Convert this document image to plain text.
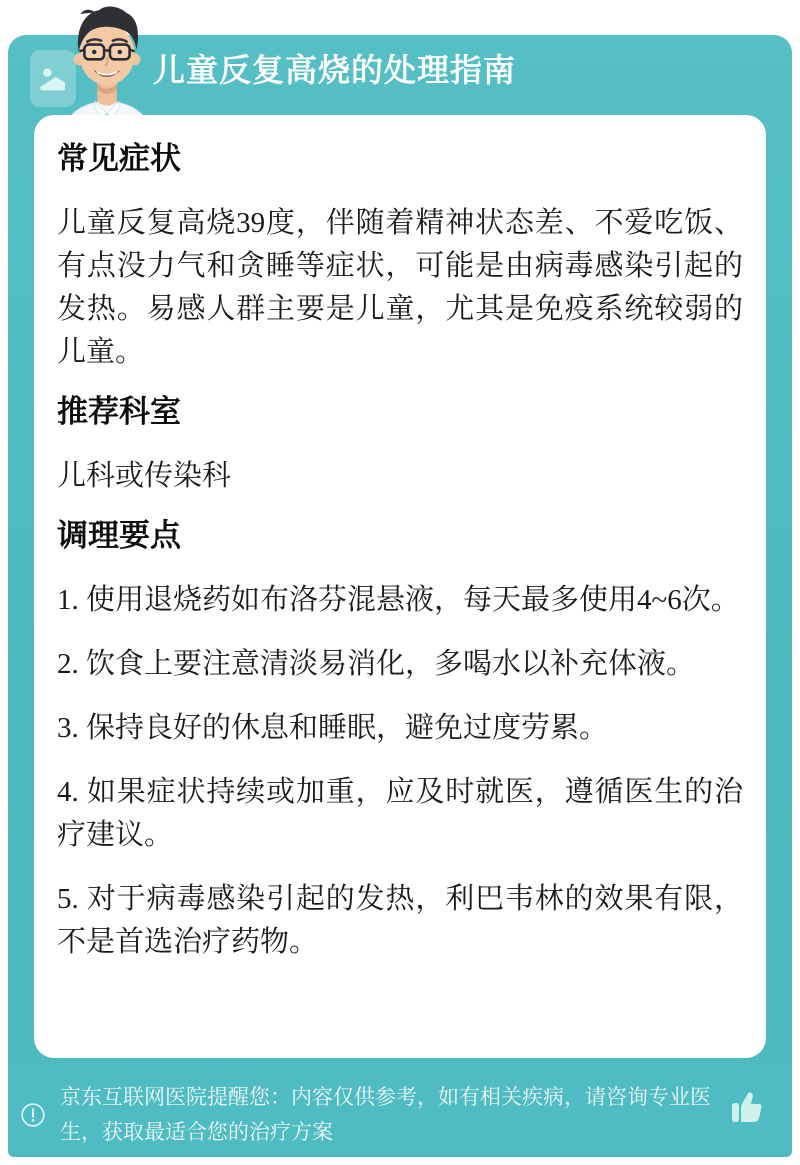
儿童反复高烧的处理指南
常见症状

儿童反复高烧39度，伴随着精神状态差、不爱吃饭、有点没力气和贪睡等症状，可能是由病毒感染引起的发热。易感人群主要是儿童，尤其是免疫系统较弱的儿童。

推荐科室

儿科或传染科

调理要点

1. 使用退烧药如布洛芬混悬液，每天最多使用4~6次。

2. 饮食上要注意清淡易消化，多喝水以补充体液。

3. 保持良好的休息和睡眠，避免过度劳累。

4. 如果症状持续或加重，应及时就医，遵循医生的治疗建议。

5. 对于病毒感染引起的发热，利巴韦林的效果有限，不是首选治疗药物。

京东互联网医院提醒您：内容仅供参考，如有相关疾病，请咨询专业医生，获取最适合您的治疗方案
